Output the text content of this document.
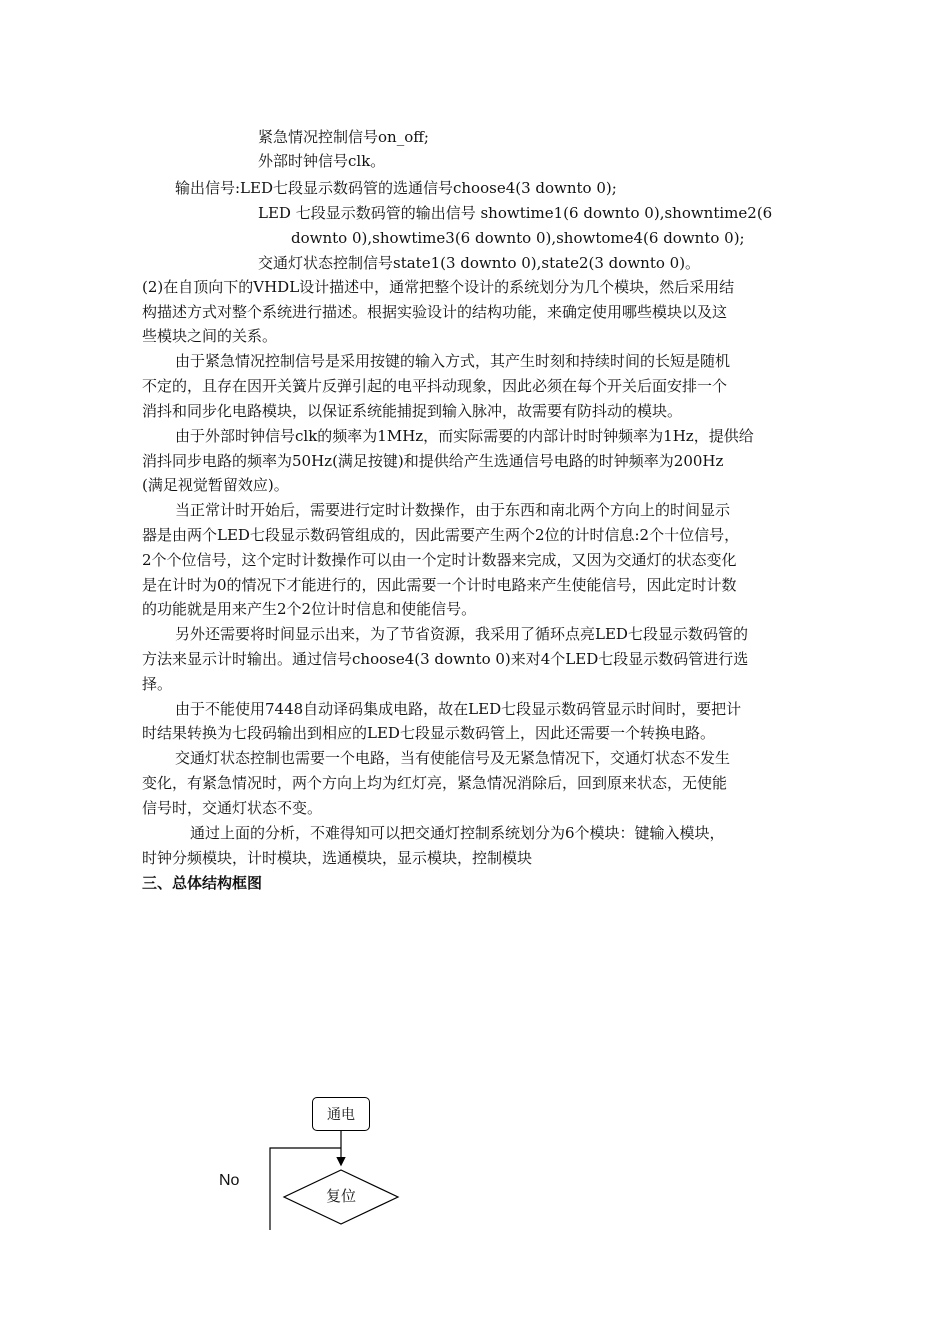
紧急情况控制信号on_off;
外部时钟信号clk。
输出信号:LED七段显示数码管的选通信号choose4(3 downto 0);
LED 七段显示数码管的输出信号 showtime1(6 downto 0),showntime2(6
downto 0),showtime3(6 downto 0),showtome4(6 downto 0);
交通灯状态控制信号state1(3 downto 0),state2(3 downto 0)。
(2)在自顶向下的VHDL设计描述中，通常把整个设计的系统划分为几个模块，然后采用结
构描述方式对整个系统进行描述。根据实验设计的结构功能，来确定使用哪些模块以及这
些模块之间的关系。
由于紧急情况控制信号是采用按键的输入方式，其产生时刻和持续时间的长短是随机
不定的，且存在因开关簧片反弹引起的电平抖动现象，因此必须在每个开关后面安排一个
消抖和同步化电路模块，以保证系统能捕捉到输入脉冲，故需要有防抖动的模块。
由于外部时钟信号clk的频率为1MHz，而实际需要的内部计时时钟频率为1Hz，提供给
消抖同步电路的频率为50Hz(满足按键)和提供给产生选通信号电路的时钟频率为200Hz
(满足视觉暂留效应)。
当正常计时开始后，需要进行定时计数操作，由于东西和南北两个方向上的时间显示
器是由两个LED七段显示数码管组成的，因此需要产生两个2位的计时信息:2个十位信号，
2个个位信号，这个定时计数操作可以由一个定时计数器来完成，又因为交通灯的状态变化
是在计时为0的情况下才能进行的，因此需要一个计时电路来产生使能信号，因此定时计数
的功能就是用来产生2个2位计时信息和使能信号。
另外还需要将时间显示出来，为了节省资源，我采用了循环点亮LED七段显示数码管的
方法来显示计时输出。通过信号choose4(3 downto 0)来对4个LED七段显示数码管进行选
择。
由于不能使用7448自动译码集成电路，故在LED七段显示数码管显示时间时，要把计
时结果转换为七段码输出到相应的LED七段显示数码管上，因此还需要一个转换电路。
交通灯状态控制也需要一个电路，当有使能信号及无紧急情况下，交通灯状态不发生
变化，有紧急情况时，两个方向上均为红灯亮，紧急情况消除后，回到原来状态，无使能
信号时，交通灯状态不变。
通过上面的分析，不难得知可以把交通灯控制系统划分为6个模块：键输入模块，
时钟分频模块，计时模块，选通模块，显示模块，控制模块
三、总体结构框图
通电
复位
No
